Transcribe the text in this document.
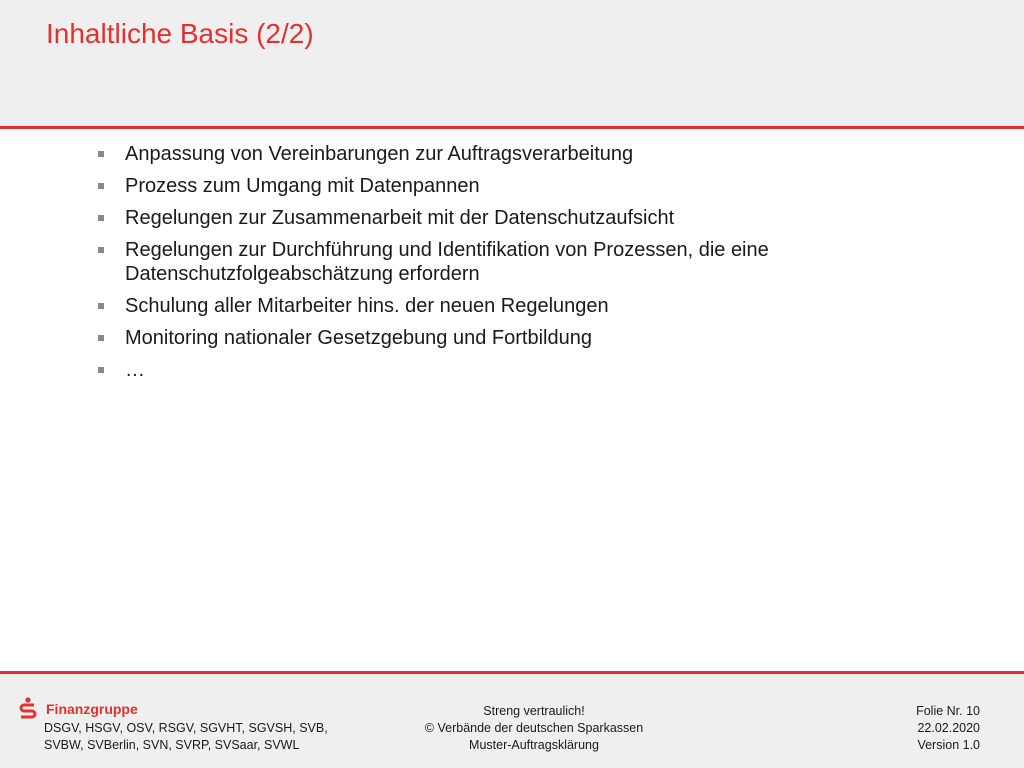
Inhaltliche Basis (2/2)
Anpassung von Vereinbarungen zur Auftragsverarbeitung
Prozess zum Umgang mit Datenpannen
Regelungen zur Zusammenarbeit mit der Datenschutzaufsicht
Regelungen zur Durchführung und Identifikation von Prozessen, die eine Datenschutzfolgeabschätzung erfordern
Schulung aller Mitarbeiter hins. der neuen Regelungen
Monitoring nationaler Gesetzgebung und Fortbildung
…
Finanzgruppe
DSGV, HSGV, OSV, RSGV, SGVHT, SGVSH, SVB,
SVBW, SVBerlin, SVN, SVRP, SVSaar, SVWL
Streng vertraulich!
© Verbände der deutschen Sparkassen
Muster-Auftragsklärung
Folie Nr. 10
22.02.2020
Version 1.0
